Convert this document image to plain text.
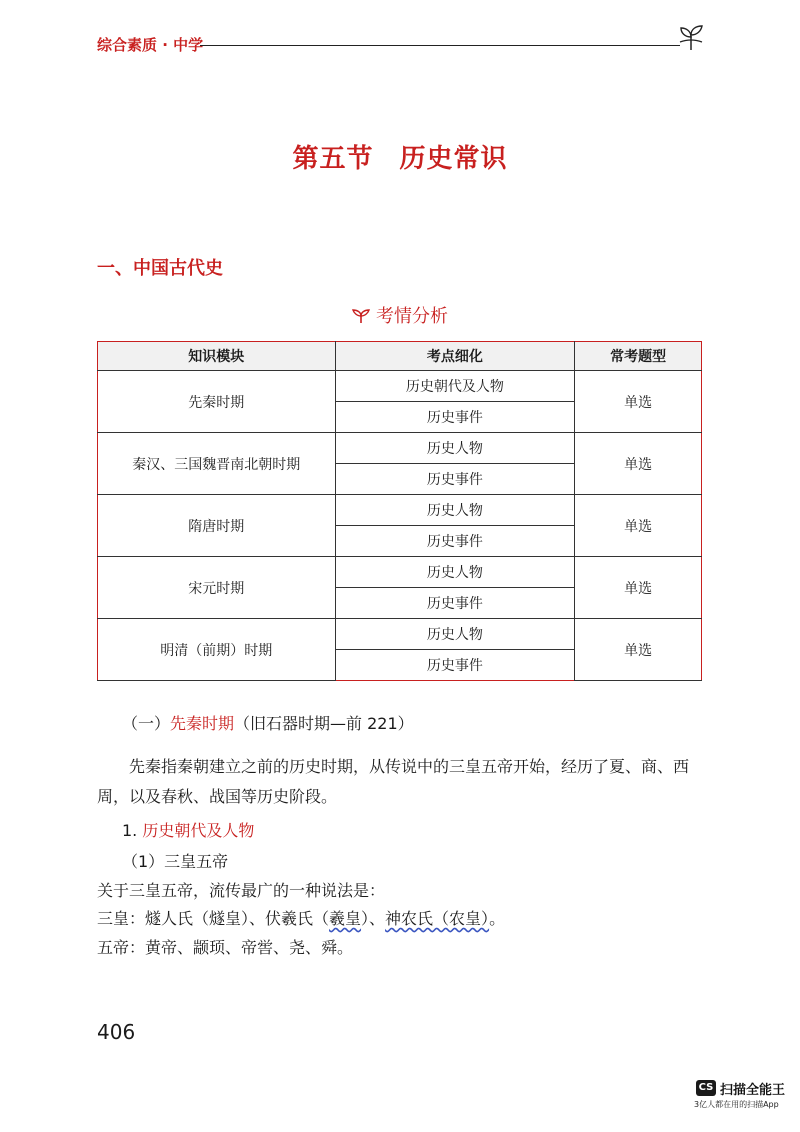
综合素质 · 中学
第五节 历史常识
一、中国古代史
考情分析
知识模块	考点细化	常考题型
先秦时期	历史朝代及人物	单选
	历史事件	
秦汉、三国魏晋南北朝时期	历史人物	单选
	历史事件	
隋唐时期	历史人物	单选
	历史事件	
宋元时期	历史人物	单选
	历史事件	
明清（前期）时期	历史人物	单选
	历史事件	
（一）先秦时期（旧石器时期—前 221）
先秦指秦朝建立之前的历史时期，从传说中的三皇五帝开始，经历了夏、商、西周，以及春秋、战国等历史阶段。
1. 历史朝代及人物
（1）三皇五帝
关于三皇五帝，流传最广的一种说法是：
三皇：燧人氏（燧皇）、伏羲氏（羲皇）、神农氏（农皇）。
五帝：黄帝、颛顼、帝喾、尧、舜。
406
CS 扫描全能王
3亿人都在用的扫描App
